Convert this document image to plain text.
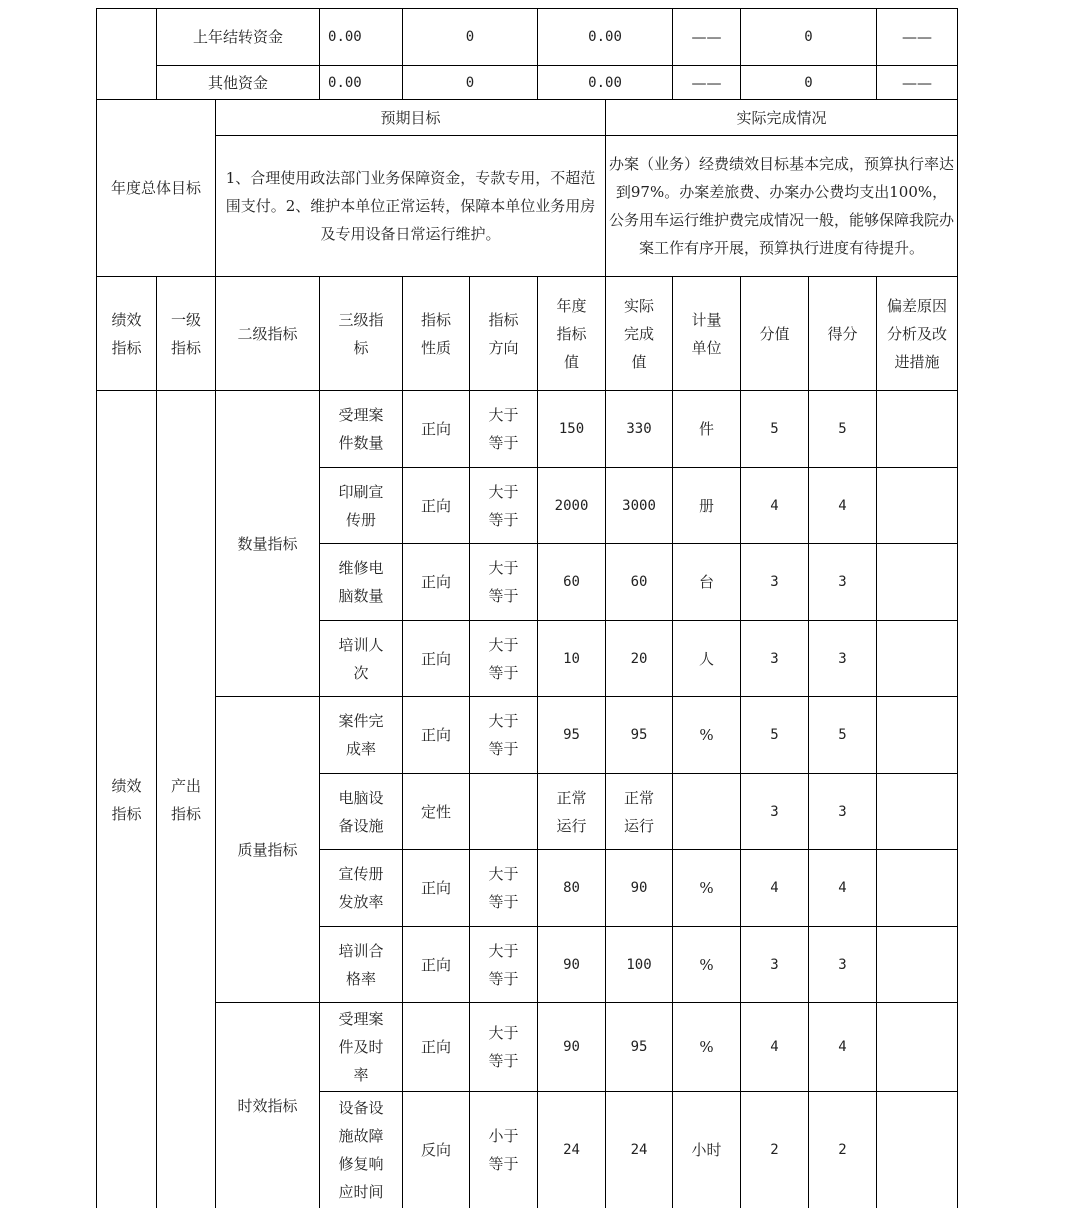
	上年结转资金		0.00	0		0.00		——	0		——
	其他资金		0.00	0		0.00		——	0		——
年度总体目标		预期目标					实际完成情况				
		1、合理使用政法部门业务保障资金，专款专用，不超范围支付。2、维护本单位正常运转，保障本单位业务用房及专用设备日常运行维护。					办案（业务）经费绩效目标基本完成，预算执行率达到97%。办案差旅费、办案办公费均支出100%，公务用车运行维护费完成情况一般，能够保障我院办案工作有序开展，预算执行进度有待提升。				
绩效指标	一级指标	二级指标	三级指标	指标性质	指标方向	年度指标值	实际完成值	计量单位	分值	得分	偏差原因分析及改进措施
绩效指标	产出指标	数量指标	受理案件数量	正向	大于等于	150	330	件	5	5	
			印刷宣传册	正向	大于等于	2000	3000	册	4	4	
			维修电脑数量	正向	大于等于	60	60	台	3	3	
			培训人次	正向	大于等于	10	20	人	3	3	
		质量指标	案件完成率	正向	大于等于	95	95	%	5	5	
			电脑设备设施	定性		正常运行	正常运行		3	3	
			宣传册发放率	正向	大于等于	80	90	%	4	4	
			培训合格率	正向	大于等于	90	100	%	3	3	
		时效指标	受理案件及时率	正向	大于等于	90	95	%	4	4	
			设备设施故障修复响应时间	反向	小于等于	24	24	小时	2	2	
